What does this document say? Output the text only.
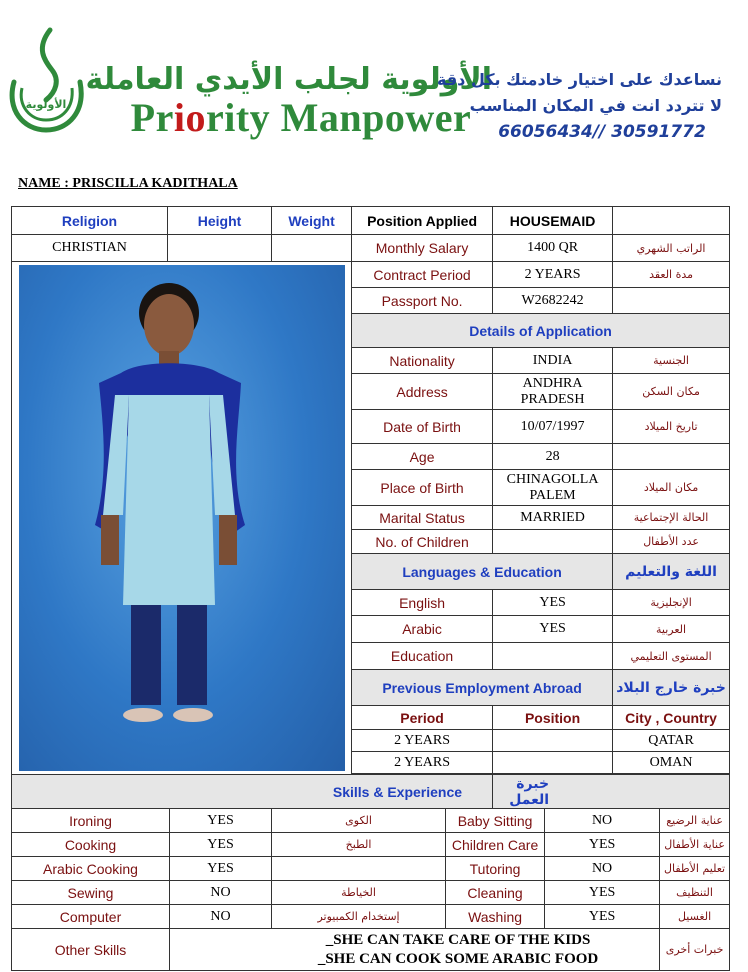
الأولوية
الأولوية لجلب الأيدي العاملة
Priority Manpower
نساعدك على اختيار خادمتك بكل دقة
لا تتردد انت في المكان المناسب
66056434// 30591772
NAME : PRISCILLA KADITHALA
Religion	Height		Weight	Position Applied		HOUSEMAID			
CHRISTIAN				Monthly Salary		1400 QR		الراتب الشهري	

	Contract Period		2 YEARS		مدة العقد	
				Passport No.		W2682242			
				Details of Application					
				Nationality		INDIA		الجنسية	
				Address		ANDHRA PRADESH		مكان السكن	
				Date of Birth		10/07/1997		تاريخ الميلاد	
				Age		28			
				Place of Birth		CHINAGOLLA PALEM		مكان الميلاد	
				Marital Status		MARRIED		الحالة الإجتماعية	
				No. of Children				عدد الأطفال	
				Languages & Education				اللغة والتعليم	
				English		YES		الإنجليزية	
				Arabic		YES		العربية	
				Education				المستوى التعليمي	
				Previous Employment Abroad				خبرة خارج البلاد	
				Period		Position		City , Country	
				2 YEARS				QATAR	
				2 YEARS				OMAN	

Skills & Experience						خبرة العمل			
Ironing		YES	الكوى		Baby Sitting		NO		عناية الرضيع
Cooking		YES	الطبخ		Children Care		YES		عناية الأطفال
Arabic Cooking		YES			Tutoring		NO		تعليم الأطفال
Sewing		NO	الخياطة		Cleaning		YES		التنظيف
Computer		NO	إستخدام الكمبيوتر		Washing		YES		الغسيل
Other Skills		_SHE CAN TAKE CARE OF THE KIDS
_SHE CAN COOK SOME ARABIC FOOD							خبرات أخرى
